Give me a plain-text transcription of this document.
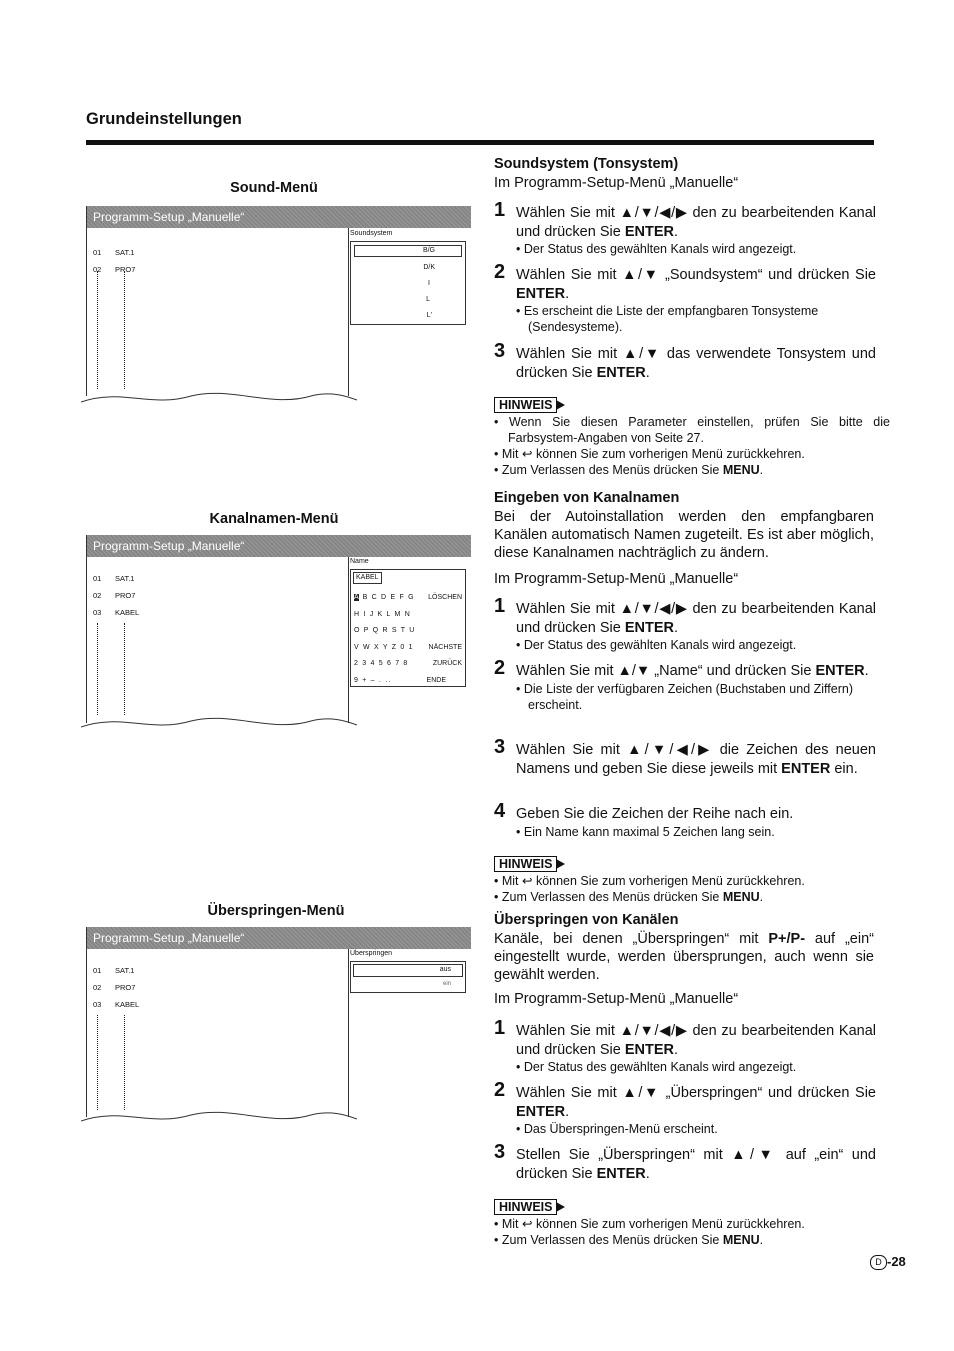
Grundeinstellungen
Sound-Menü
Programm-Setup „Manuelle“
01 SAT.1
02 PRO7
Soundsystem
B/G
D/K
I
L
L'
Kanalnamen-Menü
Programm-Setup „Manuelle“
01 SAT.1
02 PRO7
03 KABEL
Name
KABEL
A B C D E F G LÖSCHEN
H I J K L M N
O P Q R S T U
V W X Y Z 0 1 NÄCHSTE
2 3 4 5 6 7 8	ZURÜCK
9 + – . ..	ENDE
Überspringen-Menü
Programm-Setup „Manuelle“
01 SAT.1
02 PRO7
03 KABEL
Überspringen
aus
ein
Soundsystem (Tonsystem)
Im Programm-Setup-Menü „Manuelle“
1 Wählen Sie mit ▲/▼/◀/▶ den zu bearbeitenden Kanal und drücken Sie ENTER.
• Der Status des gewählten Kanals wird angezeigt.
2 Wählen Sie mit ▲/▼ „Soundsystem“ und drücken Sie ENTER.
• Es erscheint die Liste der empfangbaren Tonsysteme (Sendesysteme).
3 Wählen Sie mit ▲/▼ das verwendete Tonsystem und drücken Sie ENTER.
HINWEIS
• Wenn Sie diesen Parameter einstellen, prüfen Sie bitte die Farbsystem-Angaben von Seite 27.
• Mit ↩ können Sie zum vorherigen Menü zurückkehren.
• Zum Verlassen des Menüs drücken Sie MENU.
Eingeben von Kanalnamen
Bei der Autoinstallation werden den empfangbaren Kanälen automatisch Namen zugeteilt. Es ist aber möglich, diese Kanalnamen nachträglich zu ändern.
Im Programm-Setup-Menü „Manuelle“
1 Wählen Sie mit ▲/▼/◀/▶ den zu bearbeitenden Kanal und drücken Sie ENTER.
• Der Status des gewählten Kanals wird angezeigt.
2 Wählen Sie mit ▲/▼ „Name“ und drücken Sie ENTER.
• Die Liste der verfügbaren Zeichen (Buchstaben und Ziffern) erscheint.
3 Wählen Sie mit ▲/▼/◀/▶ die Zeichen des neuen Namens und geben Sie diese jeweils mit ENTER ein.
4 Geben Sie die Zeichen der Reihe nach ein.
• Ein Name kann maximal 5 Zeichen lang sein.
HINWEIS
• Mit ↩ können Sie zum vorherigen Menü zurückkehren.
• Zum Verlassen des Menüs drücken Sie MENU.
Überspringen von Kanälen
Kanäle, bei denen „Überspringen“ mit P+/P- auf „ein“ eingestellt wurde, werden übersprungen, auch wenn sie gewählt werden.
Im Programm-Setup-Menü „Manuelle“
1 Wählen Sie mit ▲/▼/◀/▶ den zu bearbeitenden Kanal und drücken Sie ENTER.
• Der Status des gewählten Kanals wird angezeigt.
2 Wählen Sie mit ▲/▼ „Überspringen“ und drücken Sie ENTER.
• Das Überspringen-Menü erscheint.
3 Stellen Sie „Überspringen“ mit ▲/▼ auf „ein“ und drücken Sie ENTER.
HINWEIS
• Mit ↩ können Sie zum vorherigen Menü zurückkehren.
• Zum Verlassen des Menüs drücken Sie MENU.
D -28
